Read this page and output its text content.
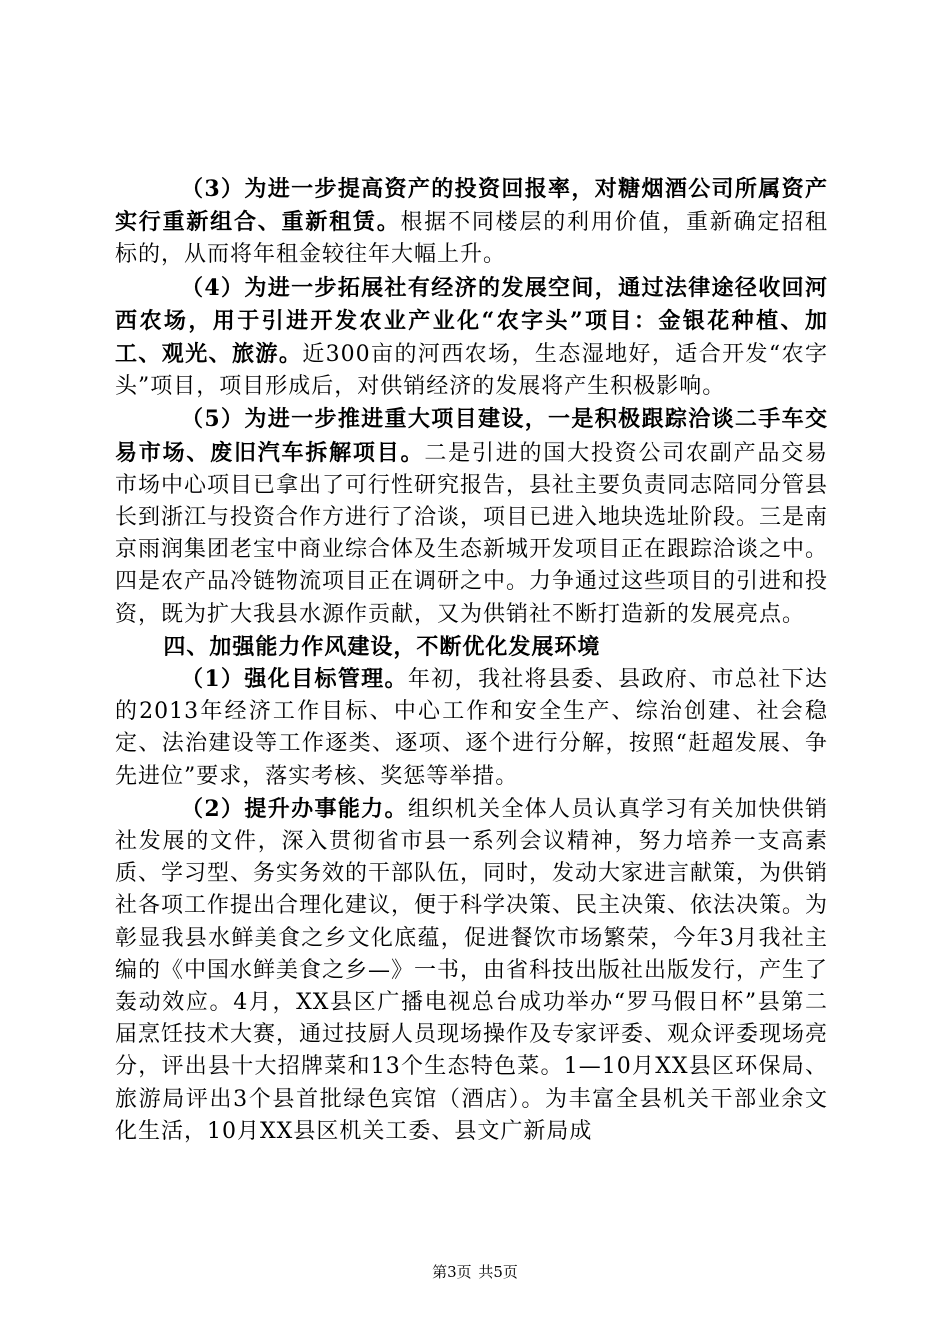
（3）为进一步提高资产的投资回报率，对糖烟酒公司所属资产实行重新组合、重新租赁。根据不同楼层的利用价值，重新确定招租标的，从而将年租金较往年大幅上升。

（4）为进一步拓展社有经济的发展空间，通过法律途径收回河西农场，用于引进开发农业产业化“农字头”项目：金银花种植、加工、观光、旅游。近300亩的河西农场，生态湿地好，适合开发“农字头”项目，项目形成后，对供销经济的发展将产生积极影响。

（5）为进一步推进重大项目建设，一是积极跟踪洽谈二手车交易市场、废旧汽车拆解项目。二是引进的国大投资公司农副产品交易市场中心项目已拿出了可行性研究报告，县社主要负责同志陪同分管县长到浙江与投资合作方进行了洽谈，项目已进入地块选址阶段。三是南京雨润集团老宝中商业综合体及生态新城开发项目正在跟踪洽谈之中。四是农产品冷链物流项目正在调研之中。力争通过这些项目的引进和投资，既为扩大我县水源作贡献，又为供销社不断打造新的发展亮点。

四、加强能力作风建设，不断优化发展环境

（1）强化目标管理。年初，我社将县委、县政府、市总社下达的2013年经济工作目标、中心工作和安全生产、综治创建、社会稳定、法治建设等工作逐类、逐项、逐个进行分解，按照“赶超发展、争先进位”要求，落实考核、奖惩等举措。

（2）提升办事能力。组织机关全体人员认真学习有关加快供销社发展的文件，深入贯彻省市县一系列会议精神，努力培养一支高素质、学习型、务实务效的干部队伍，同时，发动大家进言献策，为供销社各项工作提出合理化建议，便于科学决策、民主决策、依法决策。为彰显我县水鲜美食之乡文化底蕴，促进餐饮市场繁荣，今年3月我社主编的《中国水鲜美食之乡—》一书，由省科技出版社出版发行，产生了轰动效应。4月，XX县区广播电视总台成功举办“罗马假日杯”县第二届烹饪技术大赛，通过技厨人员现场操作及专家评委、观众评委现场亮分，评出县十大招牌菜和13个生态特色菜。1—10月XX县区环保局、旅游局评出3个县首批绿色宾馆（酒店）。为丰富全县机关干部业余文化生活，10月XX县区机关工委、县文广新局成

第3页 共5页
